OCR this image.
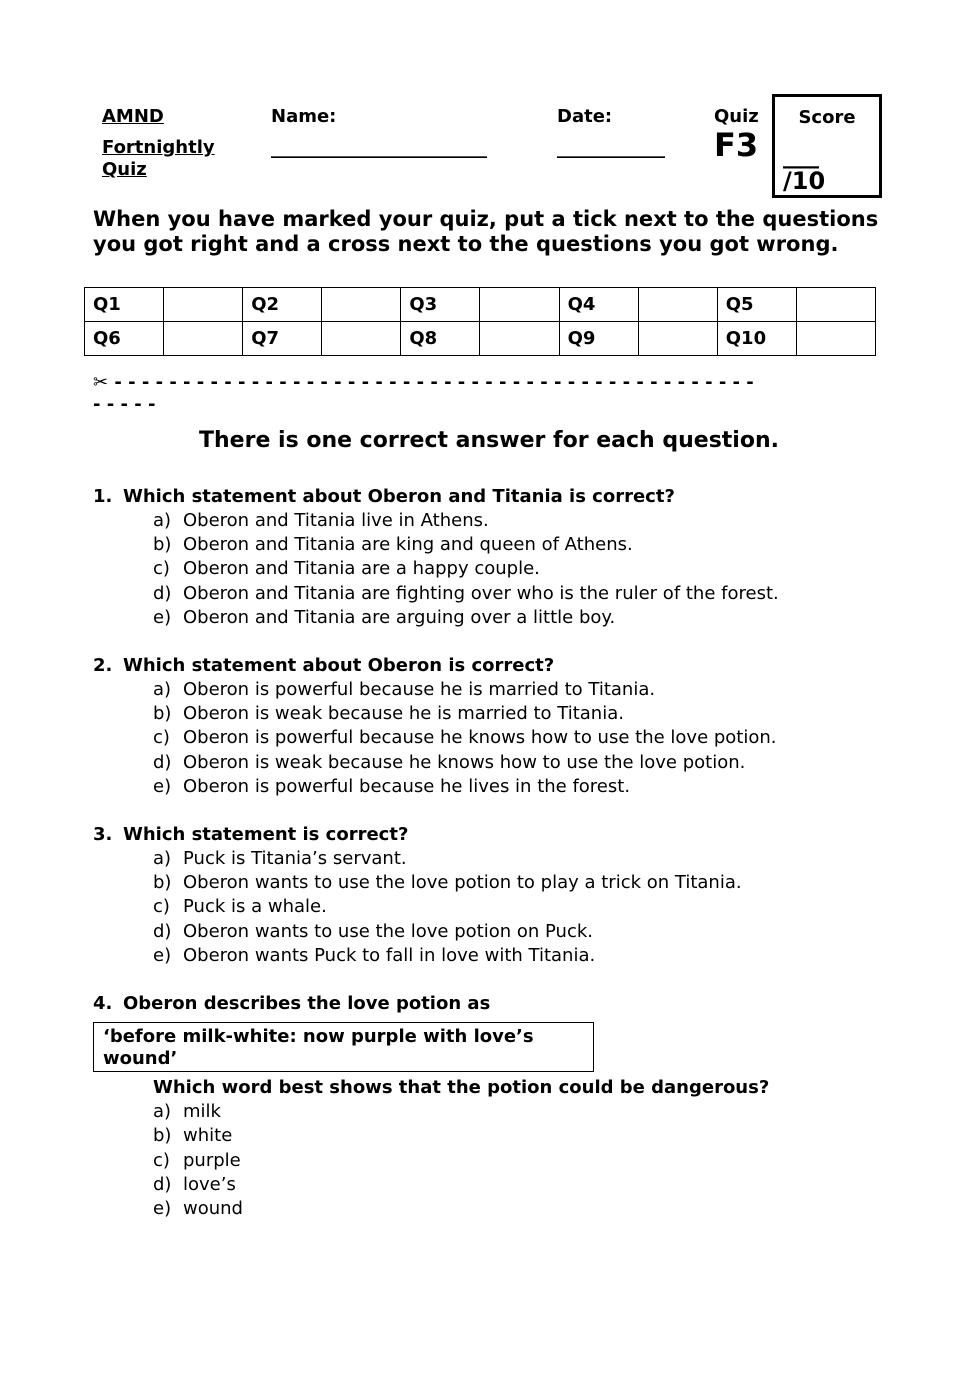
AMND
Fortnightly
Quiz
Name:
________________________
Date:
____________
Quiz
F3
Score
___
/10
When you have marked your quiz, put a tick next to the questions you got right and a cross next to the questions you got wrong.
Q1		Q2		Q3		Q4		Q5	
Q6		Q7		Q8		Q9		Q10	
✂ - - - - - - - - - - - - - - - - - - - - - - - - - - - - - - - - - - - - - - - - - - - - - - -
- - - - -
There is one correct answer for each question.
1. Which statement about Oberon and Titania is correct?
a) Oberon and Titania live in Athens.
b) Oberon and Titania are king and queen of Athens.
c) Oberon and Titania are a happy couple.
d) Oberon and Titania are fighting over who is the ruler of the forest.
e) Oberon and Titania are arguing over a little boy.
2. Which statement about Oberon is correct?
a) Oberon is powerful because he is married to Titania.
b) Oberon is weak because he is married to Titania.
c) Oberon is powerful because he knows how to use the love potion.
d) Oberon is weak because he knows how to use the love potion.
e) Oberon is powerful because he lives in the forest.
3. Which statement is correct?
a) Puck is Titania’s servant.
b) Oberon wants to use the love potion to play a trick on Titania.
c) Puck is a whale.
d) Oberon wants to use the love potion on Puck.
e) Oberon wants Puck to fall in love with Titania.
4. Oberon describes the love potion as
‘before milk-white: now purple with love’s wound’
Which word best shows that the potion could be dangerous?
a) milk
b) white
c) purple
d) love’s
e) wound
